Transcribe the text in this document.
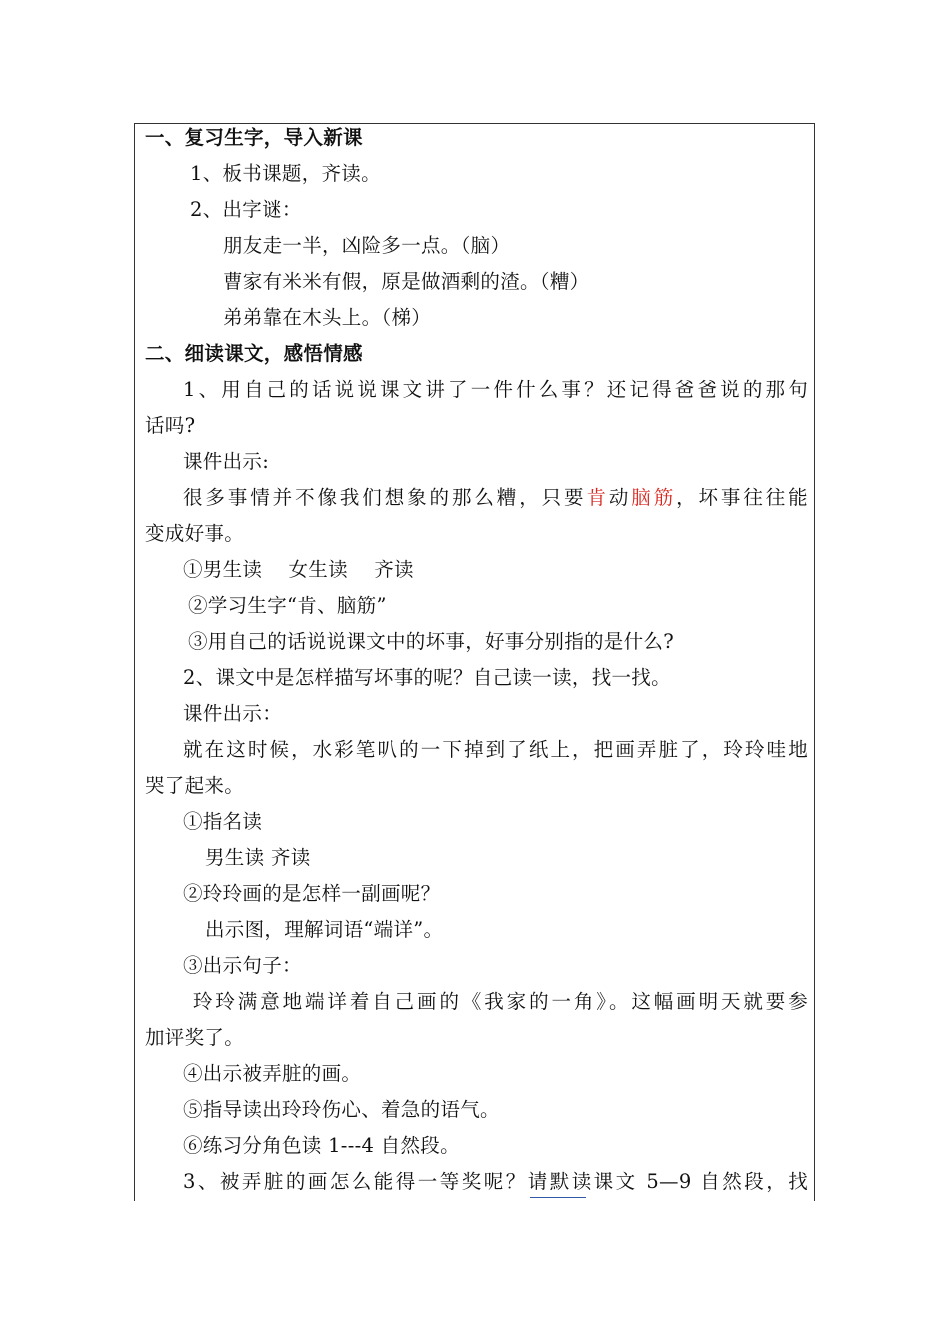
一、复习生字，导入新课
1、板书课题，齐读。
2、出字谜：
朋友走一半，凶险多一点。（脑）
曹家有米米有假，原是做酒剩的渣。（糟）
弟弟靠在木头上。（梯）
二、细读课文，感悟情感
1、用自己的话说说课文讲了一件什么事？还记得爸爸说的那句
话吗?
课件出示:
很多事情并不像我们想象的那么糟，只要肯动脑筋，坏事往往能
变成好事。
①男生读　 女生读　 齐读
②学习生字“肯、脑筋”
③用自己的话说说课文中的坏事，好事分别指的是什么?
2、课文中是怎样描写坏事的呢？自己读一读，找一找。
课件出示：
就在这时候，水彩笔叭的一下掉到了纸上，把画弄脏了，玲玲哇地
哭了起来。
①指名读
男生读 齐读
②玲玲画的是怎样一副画呢？
出示图，理解词语“端详”。
③出示句子：
玲玲满意地端详着自己画的《我家的一角》。这幅画明天就要参
加评奖了。
④出示被弄脏的画。
⑤指导读出玲玲伤心、着急的语气。
⑥练习分角色读 1---4 自然段。
3、被弄脏的画怎么能得一等奖呢？请默读课文 5—9 自然段，找
